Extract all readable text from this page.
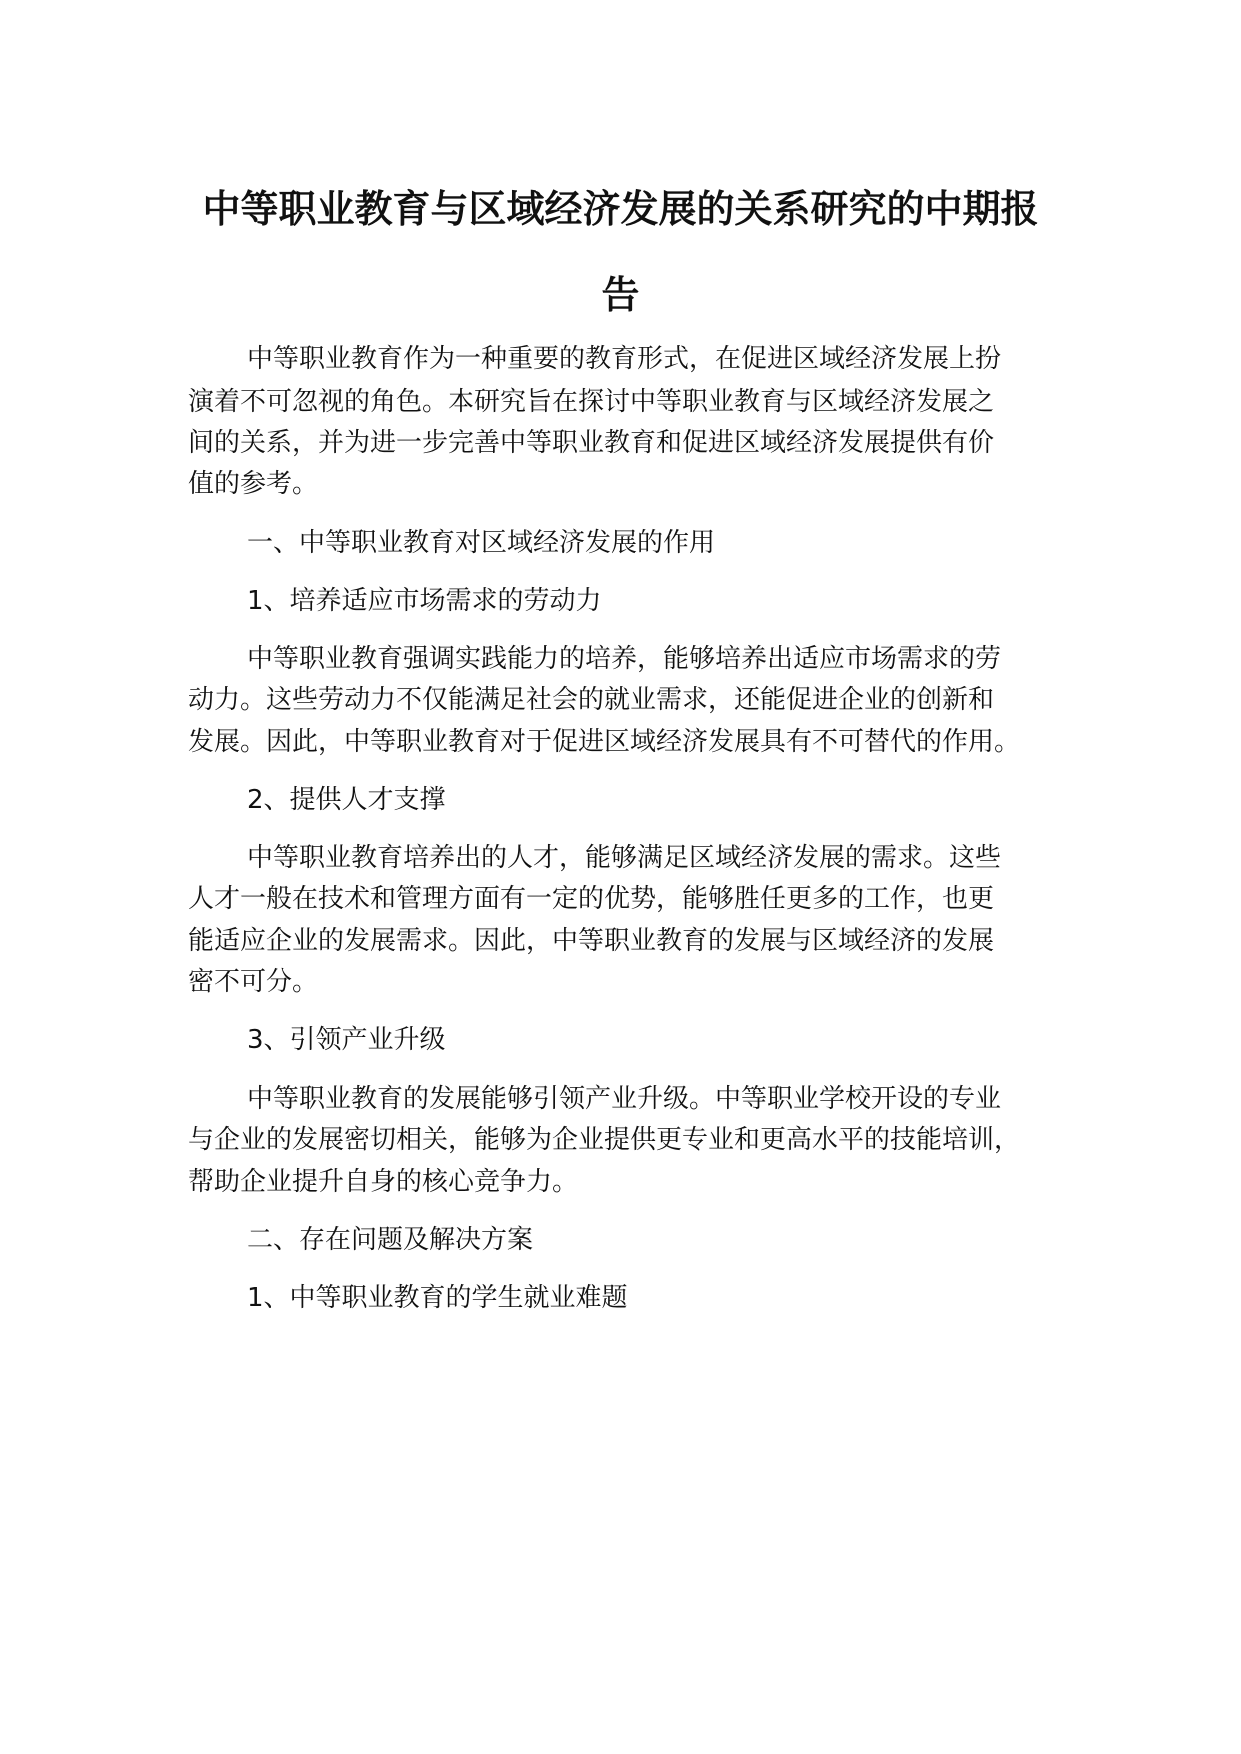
中等职业教育与区域经济发展的关系研究的中期报
告

中等职业教育作为一种重要的教育形式，在促进区域经济发展上扮

演着不可忽视的角色。本研究旨在探讨中等职业教育与区域经济发展之

间的关系，并为进一步完善中等职业教育和促进区域经济发展提供有价

值的参考。

一、中等职业教育对区域经济发展的作用

1、培养适应市场需求的劳动力

中等职业教育强调实践能力的培养，能够培养出适应市场需求的劳

动力。这些劳动力不仅能满足社会的就业需求，还能促进企业的创新和

发展。因此，中等职业教育对于促进区域经济发展具有不可替代的作用。

2、提供人才支撑

中等职业教育培养出的人才，能够满足区域经济发展的需求。这些

人才一般在技术和管理方面有一定的优势，能够胜任更多的工作，也更

能适应企业的发展需求。因此，中等职业教育的发展与区域经济的发展

密不可分。

3、引领产业升级

中等职业教育的发展能够引领产业升级。中等职业学校开设的专业

与企业的发展密切相关，能够为企业提供更专业和更高水平的技能培训，

帮助企业提升自身的核心竞争力。

二、存在问题及解决方案

1、中等职业教育的学生就业难题
